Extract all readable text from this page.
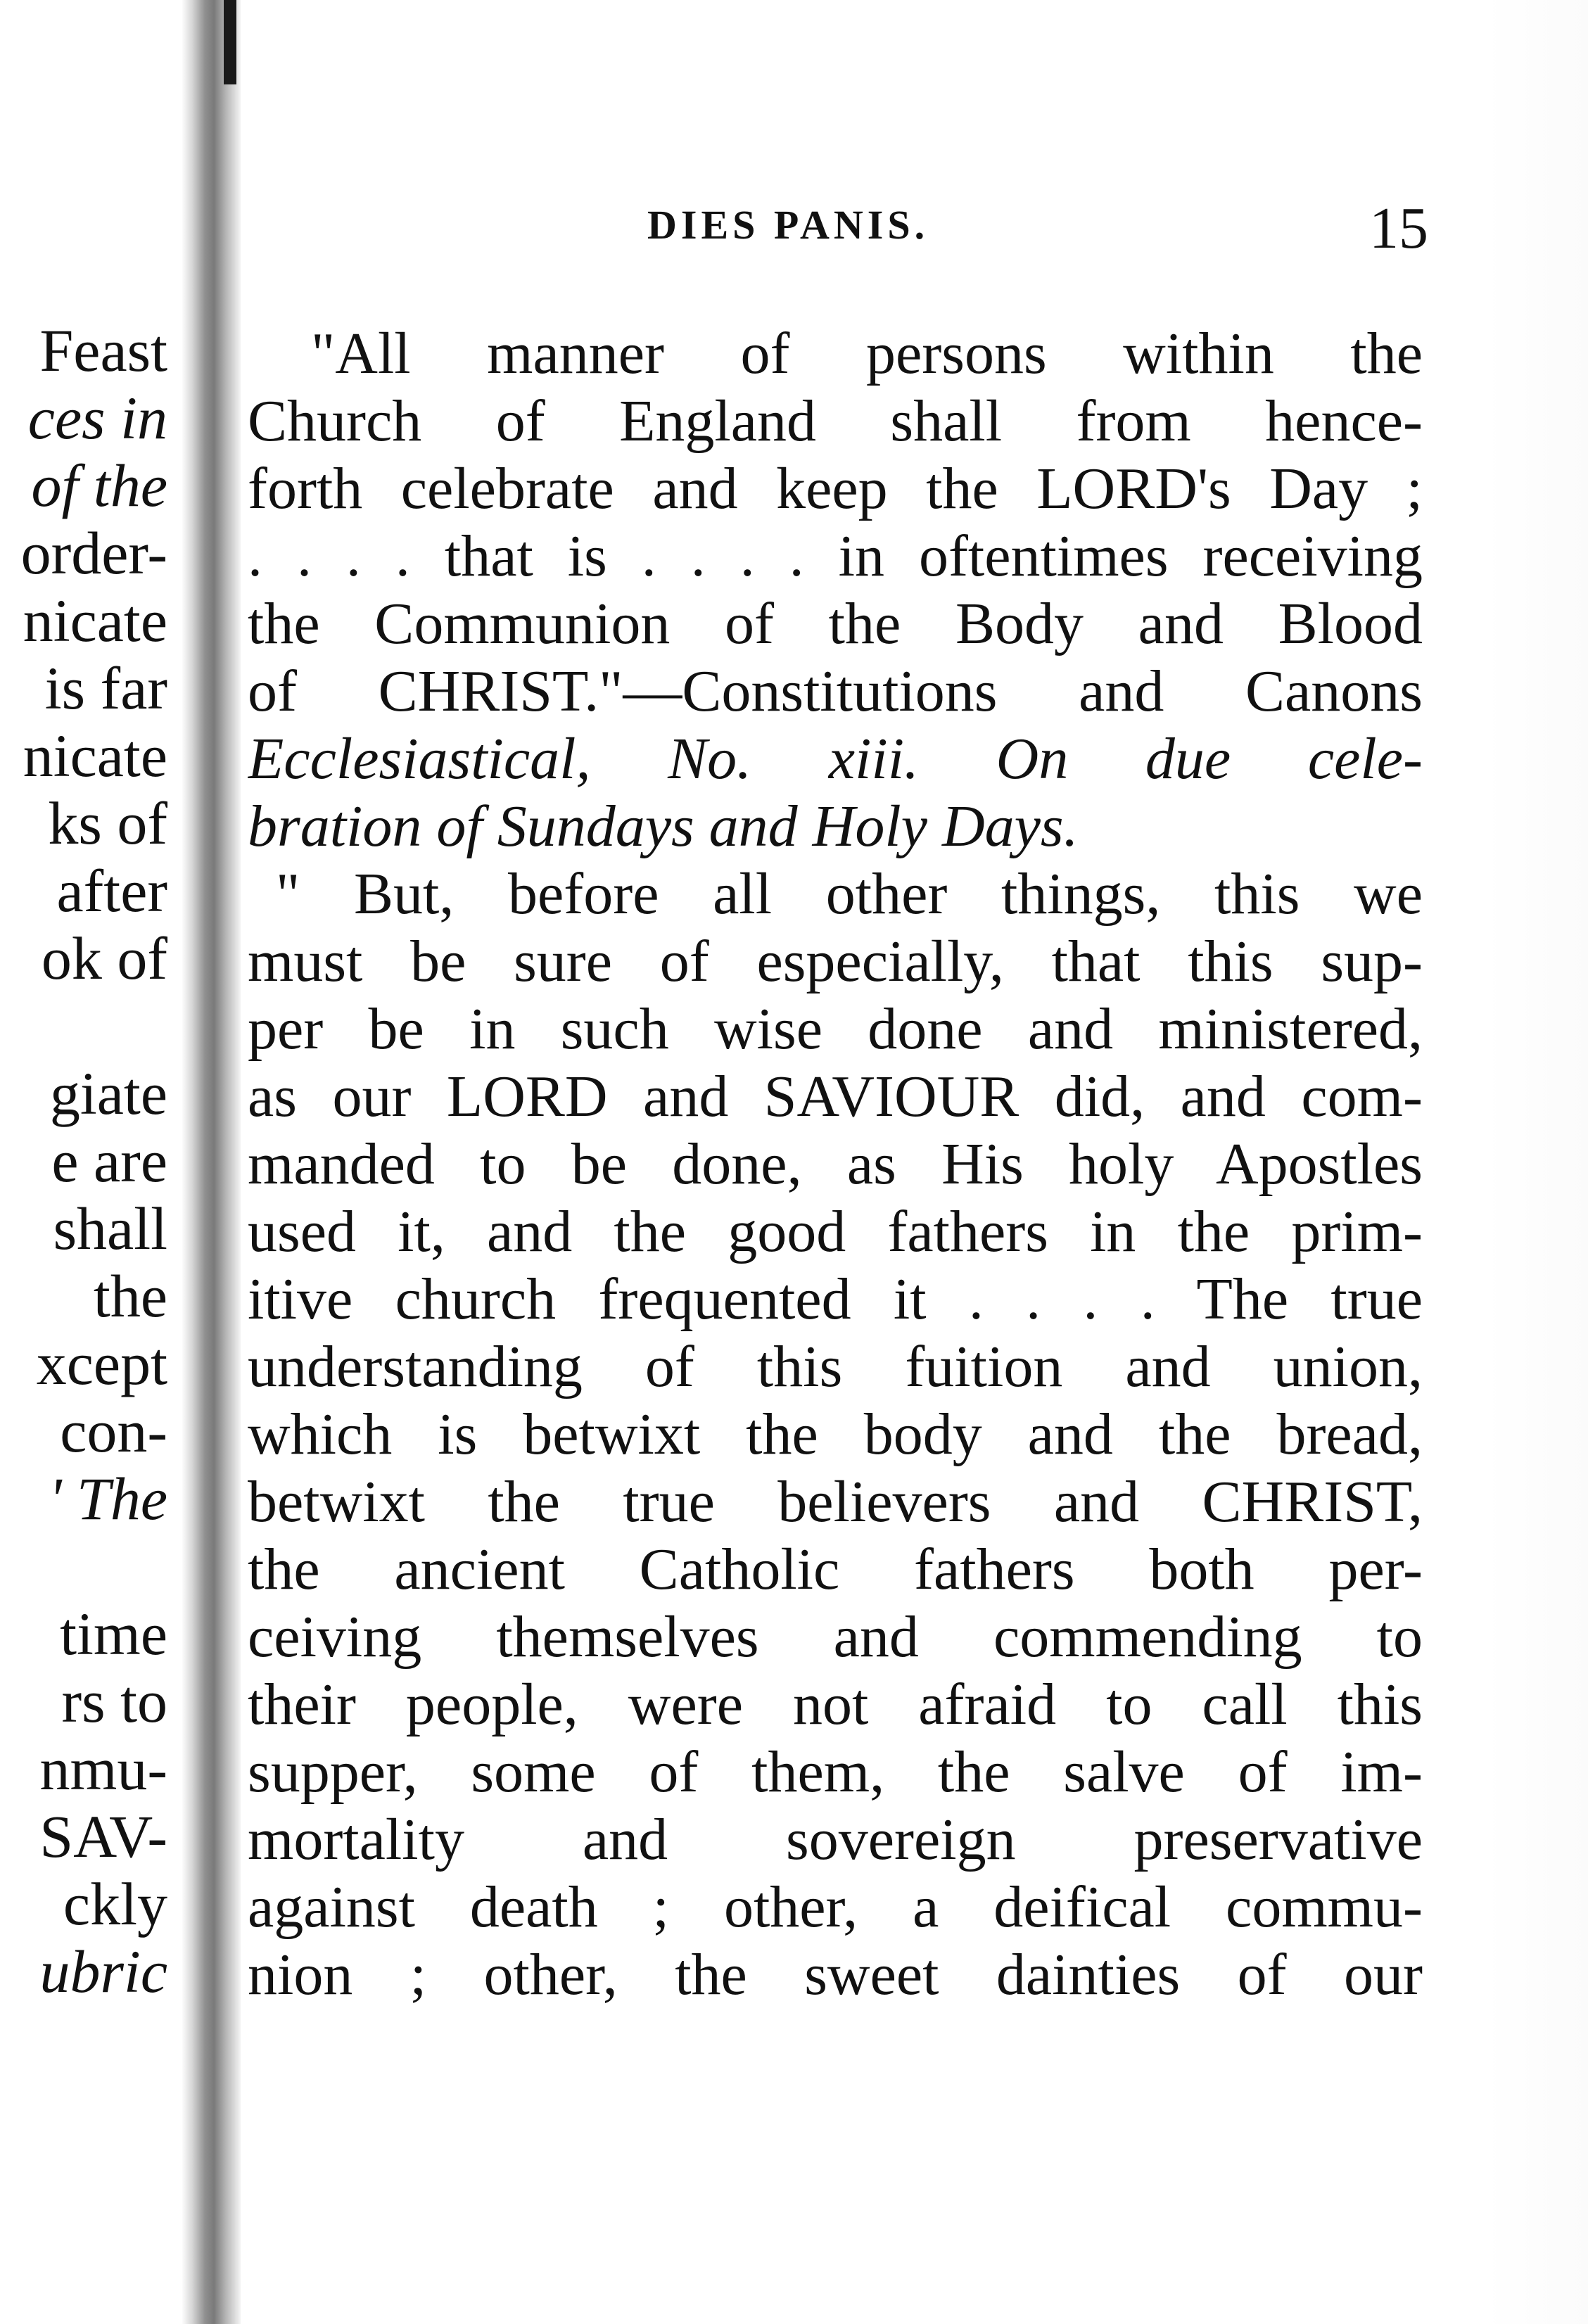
Feast
ces in
of the
order-
nicate
is far
nicate
ks of
after
ok of
giate
e are
shall
the
xcept
con-
' The
time
rs to
nmu-
SAV-
ckly
ubric
DIES PANIS.	15
"All manner of persons within the
Church of England shall from hence-
forth celebrate and keep the LORD's Day ;
. . . . that is . . . . in oftentimes receiving
the Communion of the Body and Blood
of CHRIST."—Constitutions and Canons
Ecclesiastical, No. xiii. On due cele-
bration of Sundays and Holy Days.
" But, before all other things, this we
must be sure of especially, that this sup-
per be in such wise done and ministered,
as our LORD and SAVIOUR did, and com-
manded to be done, as His holy Apostles
used it, and the good fathers in the prim-
itive church frequented it . . . . The true
understanding of this fuition and union,
which is betwixt the body and the bread,
betwixt the true believers and CHRIST,
the ancient Catholic fathers both per-
ceiving themselves and commending to
their people, were not afraid to call this
supper, some of them, the salve of im-
mortality and sovereign preservative
against death ; other, a deifical commu-
nion ; other, the sweet dainties of our
